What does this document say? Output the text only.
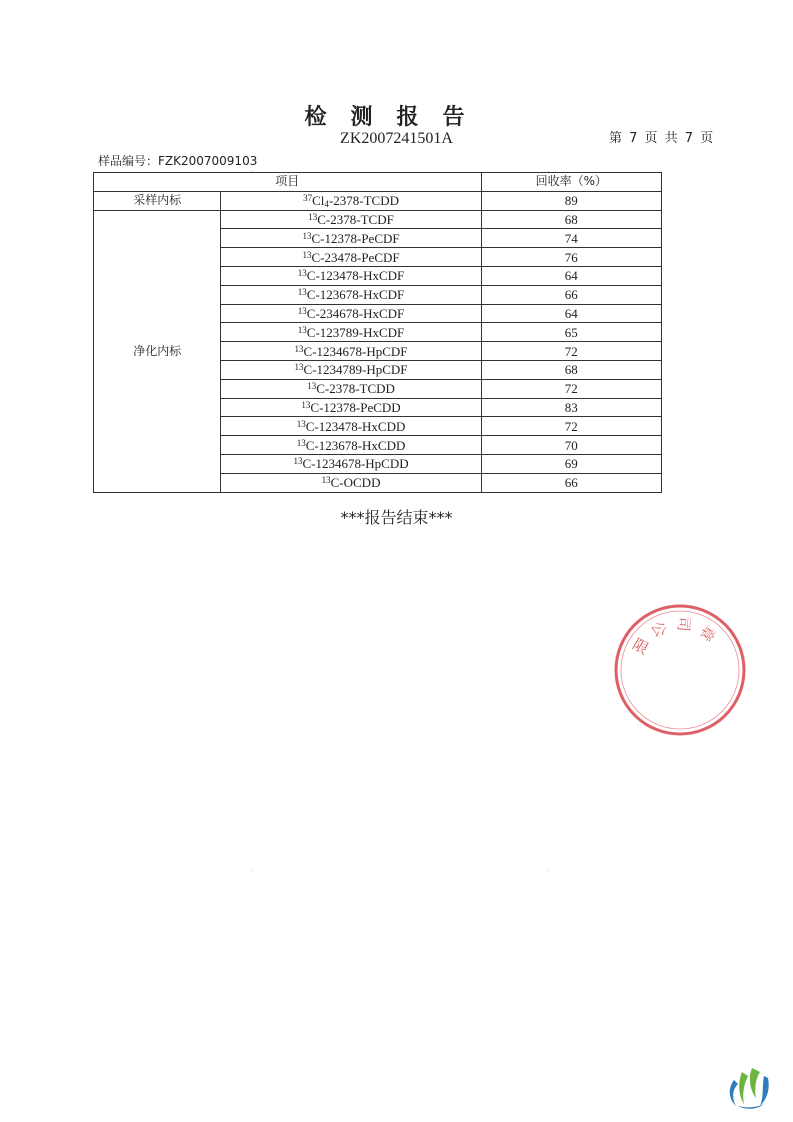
检测报告
ZK2007241501A	第 7 页 共 7 页
样品编号：FZK2007009103
项目		回收率（%）
采样内标	$^{37}Cl_4-2378$-TCDD	89
净化内标	$^{13}$C-2378-TCDF	68
	$^{13}$C-12378-PeCDF	74
	$^{13}$C-23478-PeCDF	76
	$^{13}$C-123478-HxCDF	64
	$^{13}$C-123678-HxCDF	66
	$^{13}$C-234678-HxCDF	64
	$^{13}$C-123789-HxCDF	65
	$^{13}$C-1234678-HpCDF	72
	$^{13}$C-1234789-HpCDF	68
	$^{13}$C-2378-TCDD	72
	$^{13}$C-12378-PeCDD	83
	$^{13}$C-123478-HxCDD	72
	$^{13}$C-123678-HxCDD	70
	$^{13}$C-1234678-HpCDD	69
	$^{13}$C-OCDD	66
***报告结束***
限
公 司 章
